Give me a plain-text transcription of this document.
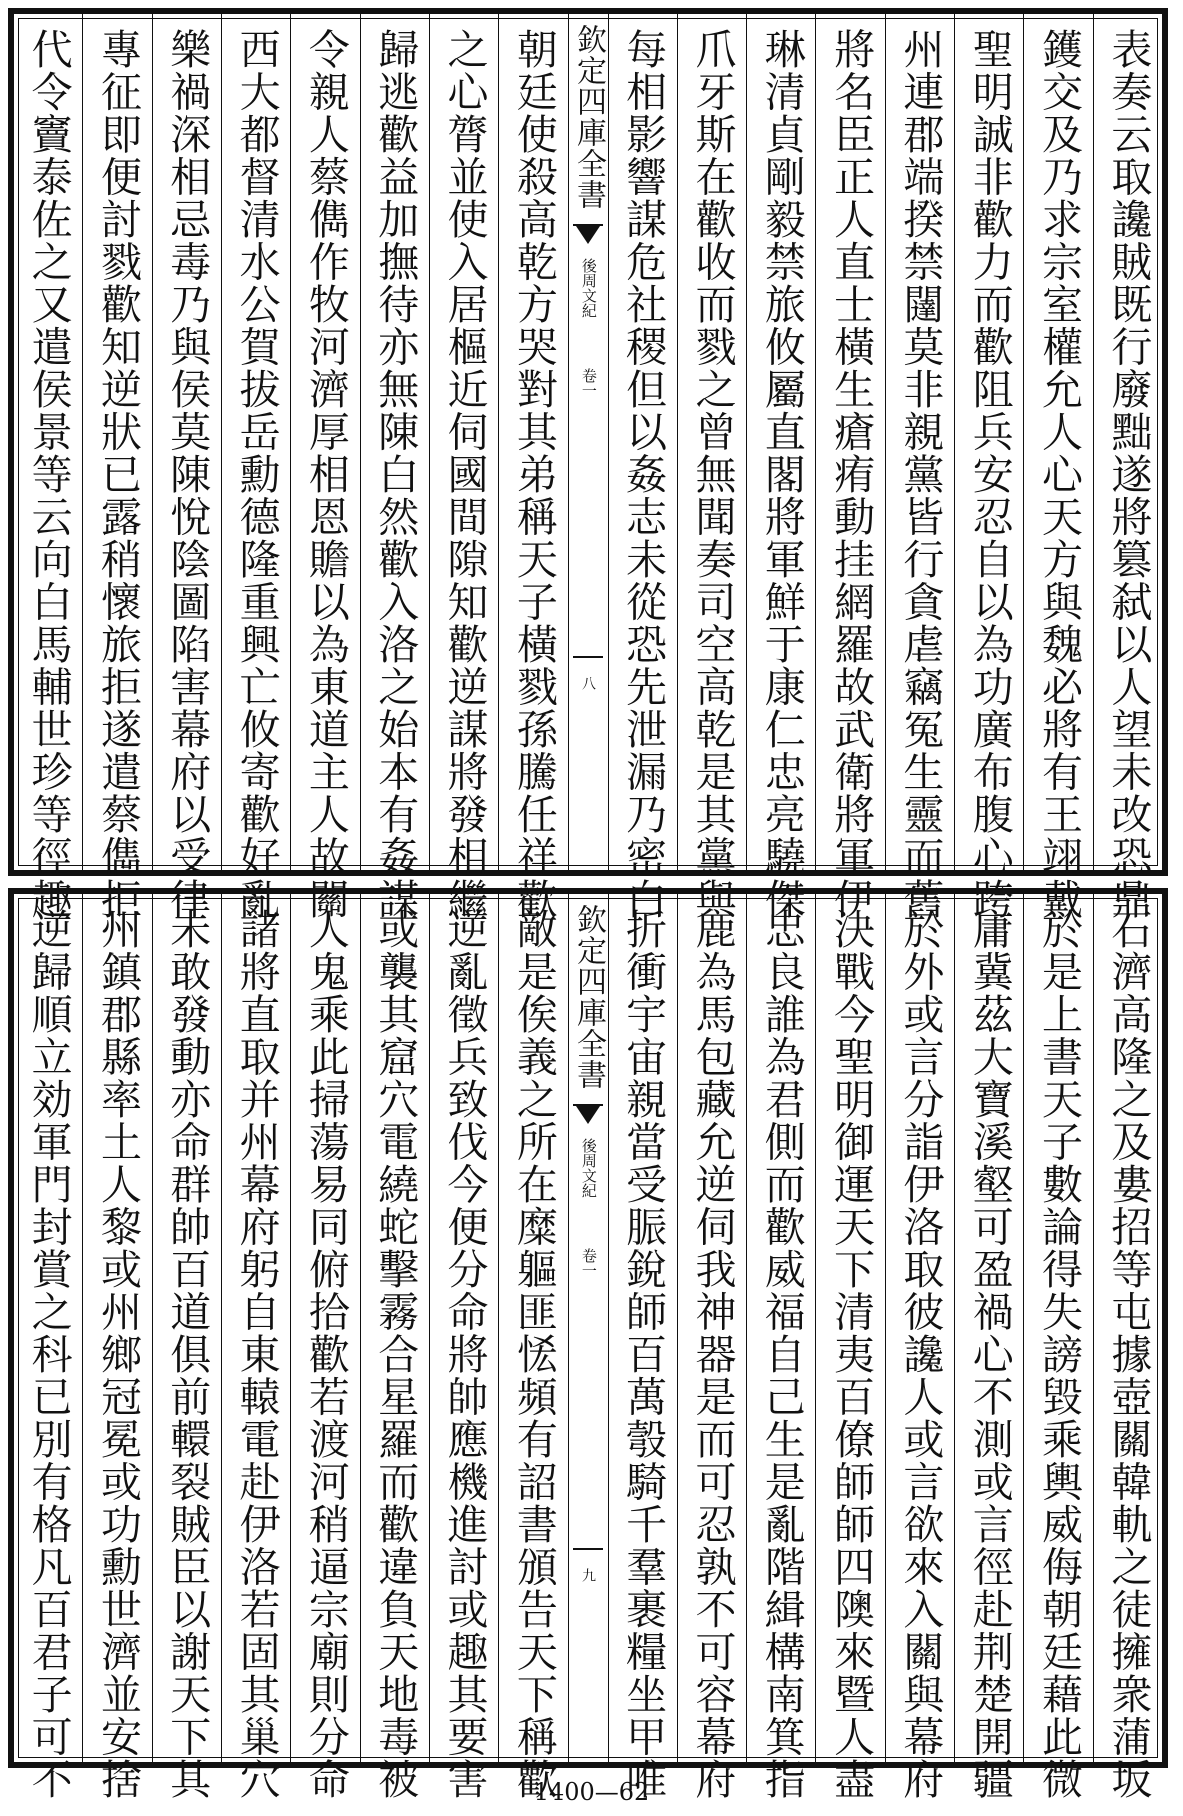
表奏云取讒賊既行廢黜遂將篡弑以人望未改恐鼎
鑊交及乃求宗室權允人心天方與魏必將有王翊戴
聖明誠非歡力而歡阻兵安忍自以為功廣布腹心跨
州連郡端揆禁闥莫非親黨皆行貪虐竊冤生靈而舊
將名臣正人直士橫生瘡痏動挂網羅故武衛將軍伊
琳清貞剛毅禁旅攸屬直閣將軍鮮于康仁忠亮驍傑
爪牙斯在歡收而戮之曾無聞奏司空高乾是其黨與
每相影響謀危社稷但以姦志未從恐先泄漏乃密白
欽定四庫全書
後周文紀
卷一
八
朝廷使殺高乾方哭對其弟稱天子橫戮孫騰任祥歡
之心膂並使入居樞近伺國間隙知歡逆謀將發相繼
歸逃歡益加撫待亦無陳白然歡入洛之始本有姦謀
令親人蔡儁作牧河濟厚相恩贍以為東道主人故關
西大都督清水公賀拔岳勳德隆重興亡攸寄歡好亂
樂禍深相忌毒乃與侯莫陳悅陰圖陷害幕府以受律
專征即便討戮歡知逆狀已露稍懷旅拒遂遣蔡儁拒
代令竇泰佐之又遣侯景等云向白馬輔世珍等徑趣
石濟高隆之及婁招等屯據壺關韓軌之徒擁衆蒲坂
於是上書天子數論得失謗毀乘輿威侮朝廷藉此微
庸冀茲大寶溪壑可盈禍心不測或言徑赴荆楚開疆
於外或言分詣伊洛取彼讒人或言欲來入關與幕府
決戰今聖明御運天下清夷百僚師師四隩來暨人盡
忠良誰為君側而歡威福自己生是亂階緝構南箕指
鹿為馬包藏允逆伺我神器是而可忍孰不可容幕府
折衝宇宙親當受脤銳師百萬彀騎千羣裹糧坐甲唯
欽定四庫全書
後周文紀
卷一
九
敵是俟義之所在糜軀匪恡頻有詔書頒告天下稱歡
逆亂徵兵致伐今便分命將帥應機進討或趣其要害
或襲其窟穴電繞蛇擊霧合星羅而歡違負天地毒被
人鬼乘此掃蕩易同俯拾歡若渡河稍逼宗廟則分命
諸將直取并州幕府躬自東轅電赴伊洛若固其巢穴
未敢發動亦命群帥百道俱前轘裂賊臣以謝天下其
州鎮郡縣率土人黎或州鄉冠冕或功勳世濟並安捨
逆歸順立効軍門封賞之科已別有格凡百君子可不	1400—62
